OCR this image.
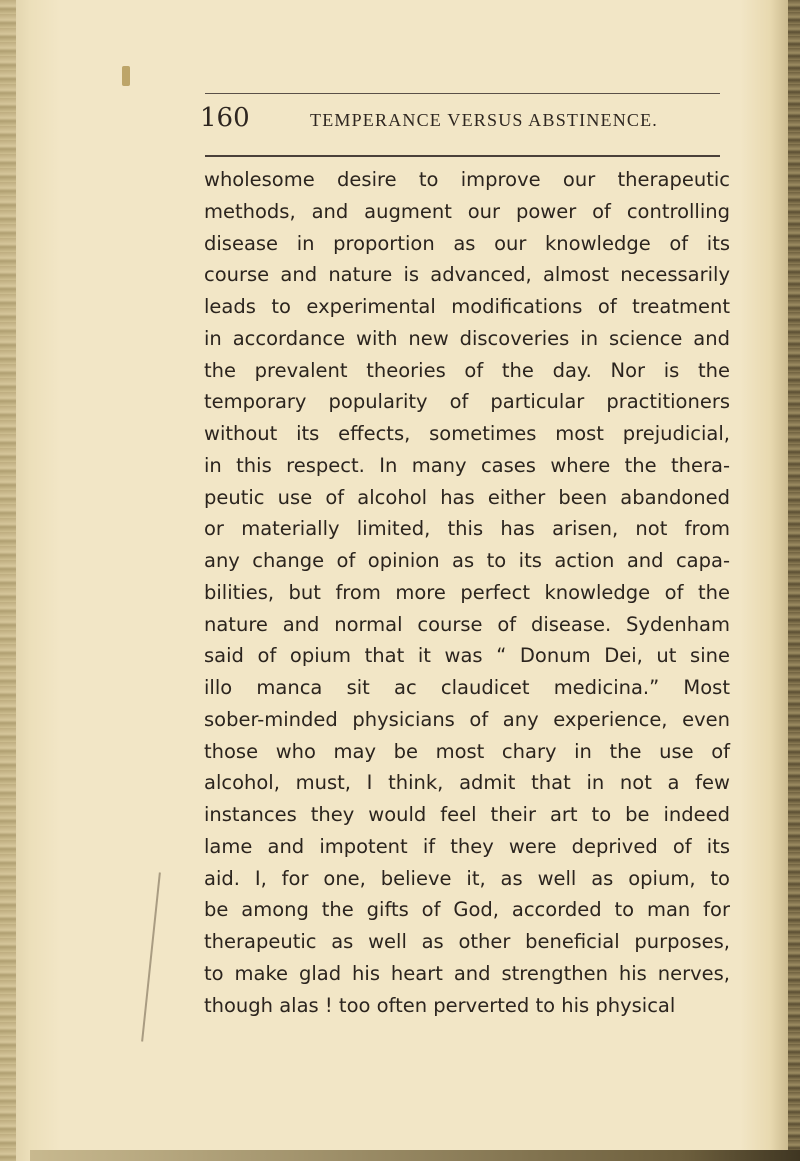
160	TEMPERANCE VERSUS ABSTINENCE.
wholesome desire to improve our therapeutic
methods, and augment our power of controlling
disease in proportion as our knowledge of its
course and nature is advanced, almost necessarily
leads to experimental modifications of treatment
in accordance with new discoveries in science and
the prevalent theories of the day. Nor is the
temporary popularity of particular practitioners
without its effects, sometimes most prejudicial,
in this respect. In many cases where the thera-
peutic use of alcohol has either been abandoned
or materially limited, this has arisen, not from
any change of opinion as to its action and capa-
bilities, but from more perfect knowledge of the
nature and normal course of disease. Sydenham
said of opium that it was “ Donum Dei, ut sine
illo manca sit ac claudicet medicina.” Most
sober-minded physicians of any experience, even
those who may be most chary in the use of
alcohol, must, I think, admit that in not a few
instances they would feel their art to be indeed
lame and impotent if they were deprived of its
aid. I, for one, believe it, as well as opium, to
be among the gifts of God, accorded to man for
therapeutic as well as other beneficial purposes,
to make glad his heart and strengthen his nerves,
though alas ! too often perverted to his physical
